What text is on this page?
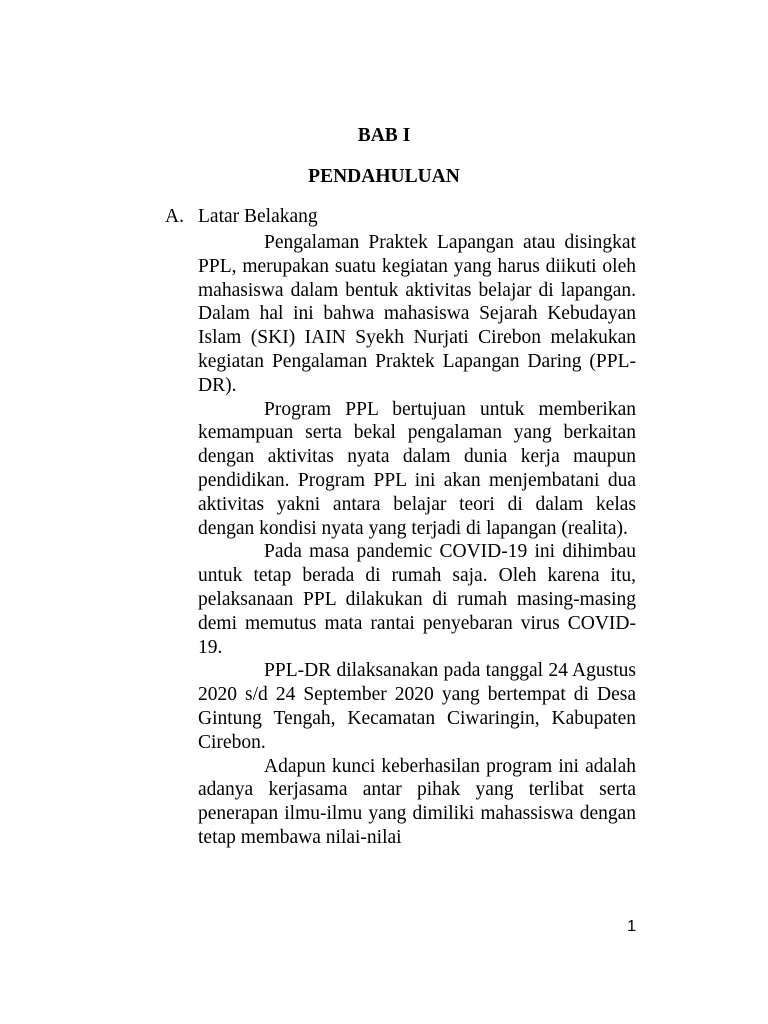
BAB I
PENDAHULUAN
A. Latar Belakang

Pengalaman Praktek Lapangan atau disingkat PPL, merupakan suatu kegiatan yang harus diikuti oleh mahasiswa dalam bentuk aktivitas belajar di lapangan. Dalam hal ini bahwa mahasiswa Sejarah Kebudayan Islam (SKI) IAIN Syekh Nurjati Cirebon melakukan kegiatan Pengalaman Praktek Lapangan Daring (PPL-DR).

Program PPL bertujuan untuk memberikan kemampuan serta bekal pengalaman yang berkaitan dengan aktivitas nyata dalam dunia kerja maupun pendidikan. Program PPL ini akan menjembatani dua aktivitas yakni antara belajar teori di dalam kelas dengan kondisi nyata yang terjadi di lapangan (realita).

Pada masa pandemic COVID-19 ini dihimbau untuk tetap berada di rumah saja. Oleh karena itu, pelaksanaan PPL dilakukan di rumah masing-masing demi memutus mata rantai penyebaran virus COVID-19.

PPL-DR dilaksanakan pada tanggal 24 Agustus 2020 s/d 24 September 2020 yang bertempat di Desa Gintung Tengah, Kecamatan Ciwaringin, Kabupaten Cirebon.

Adapun kunci keberhasilan program ini adalah adanya kerjasama antar pihak yang terlibat serta penerapan ilmu-ilmu yang dimiliki mahassiswa dengan tetap membawa nilai-nilai

1
